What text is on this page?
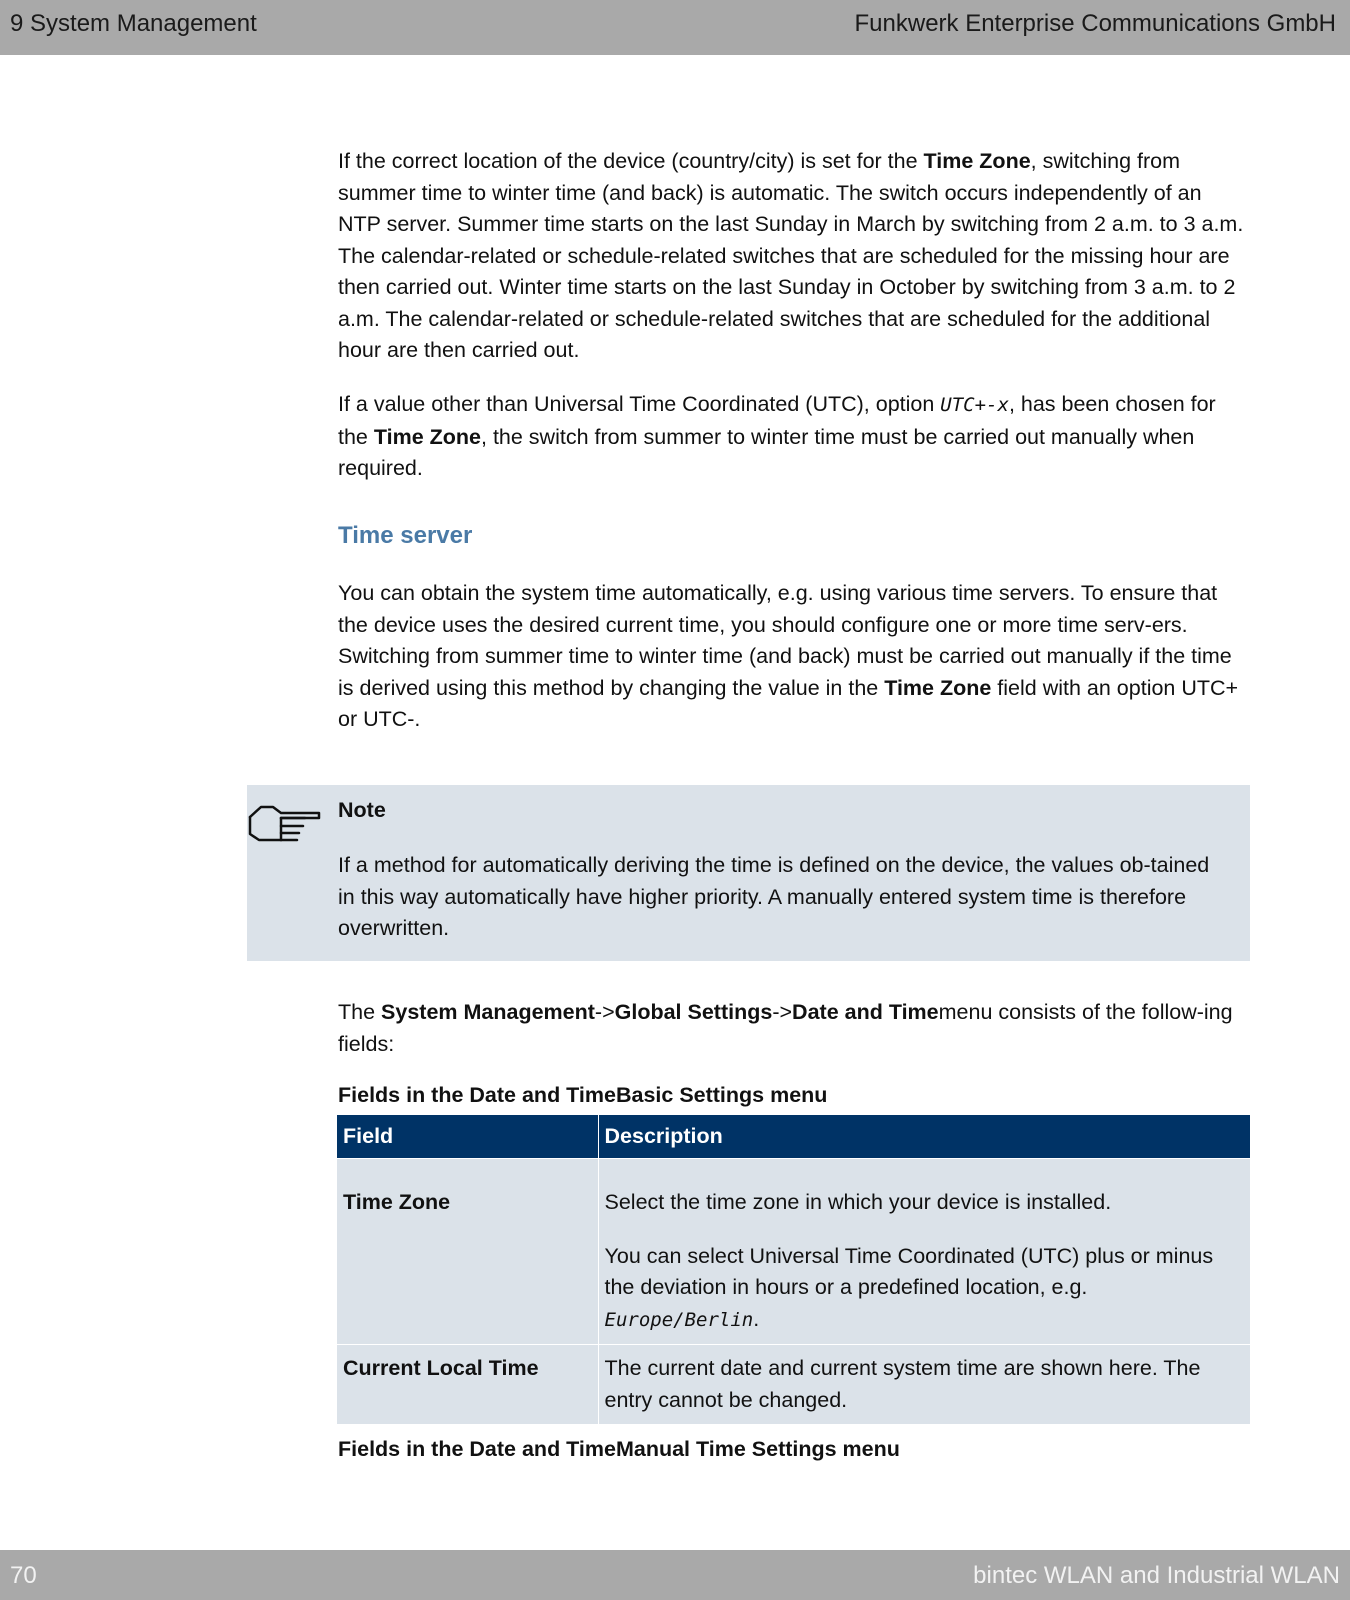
9 System Management	Funkwerk Enterprise Communications GmbH

If the correct location of the device (country/city) is set for the Time Zone, switching from summer time to winter time (and back) is automatic. The switch occurs independently of an NTP server. Summer time starts on the last Sunday in March by switching from 2 a.m. to 3 a.m. The calendar-related or schedule-related switches that are scheduled for the missing hour are then carried out. Winter time starts on the last Sunday in October by switching from 3 a.m. to 2 a.m. The calendar-related or schedule-related switches that are scheduled for the additional hour are then carried out.

If a value other than Universal Time Coordinated (UTC), option UTC+-x, has been chosen for the Time Zone, the switch from summer to winter time must be carried out manually when required.

Time server

You can obtain the system time automatically, e.g. using various time servers. To ensure that the device uses the desired current time, you should configure one or more time serv-ers. Switching from summer time to winter time (and back) must be carried out manually if the time is derived using this method by changing the value in the Time Zone field with an option UTC+ or UTC-.

Note
If a method for automatically deriving the time is defined on the device, the values ob-tained in this way automatically have higher priority. A manually entered system time is therefore overwritten.

The System Management->Global Settings->Date and Timemenu consists of the follow-ing fields:

Fields in the Date and TimeBasic Settings menu
Field	Description
Time Zone	Select the time zone in which your device is installed.
You can select Universal Time Coordinated (UTC) plus or minus the deviation in hours or a predefined location, e.g. Europe/Berlin.

Current Local Time	The current date and current system time are shown here. The entry cannot be changed.
Fields in the Date and TimeManual Time Settings menu
70	bintec WLAN and Industrial WLAN
